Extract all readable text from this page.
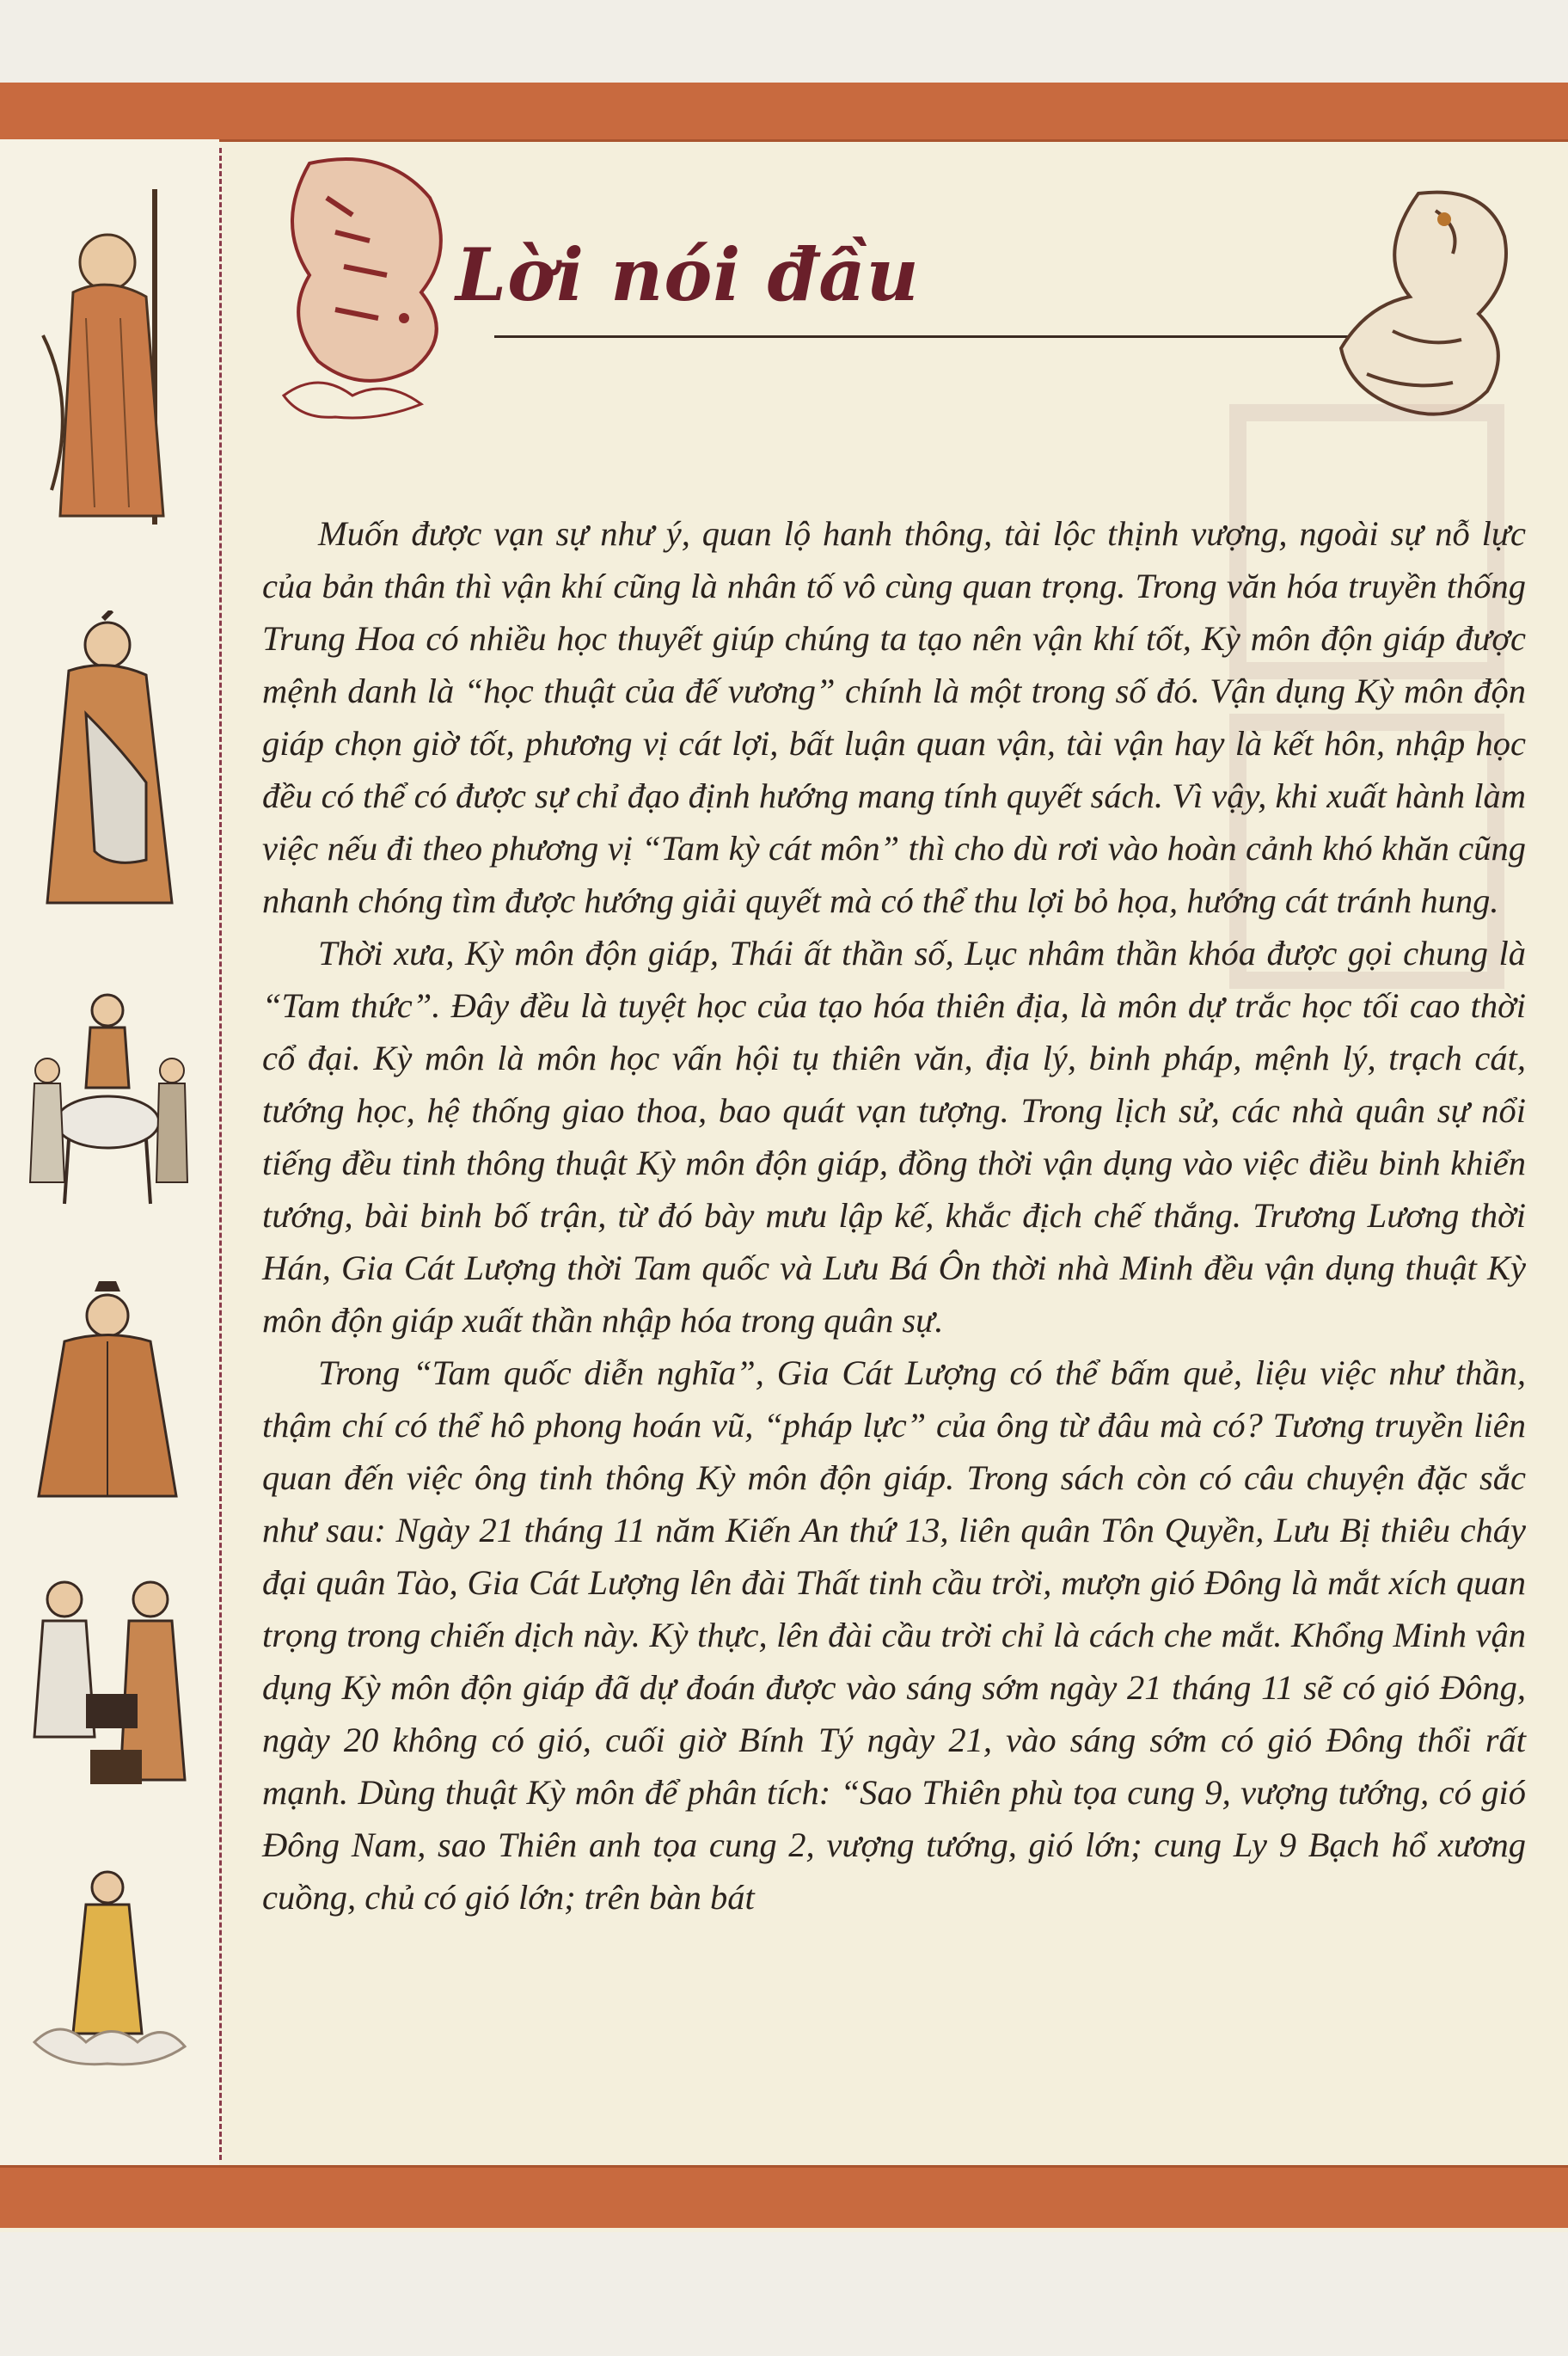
Lời nói đầu

Muốn được vạn sự như ý, quan lộ hanh thông, tài lộc thịnh vượng, ngoài sự nỗ lực của bản thân thì vận khí cũng là nhân tố vô cùng quan trọng. Trong văn hóa truyền thống Trung Hoa có nhiều học thuyết giúp chúng ta tạo nên vận khí tốt, Kỳ môn độn giáp được mệnh danh là “học thuật của đế vương” chính là một trong số đó. Vận dụng Kỳ môn độn giáp chọn giờ tốt, phương vị cát lợi, bất luận quan vận, tài vận hay là kết hôn, nhập học đều có thể có được sự chỉ đạo định hướng mang tính quyết sách. Vì vậy, khi xuất hành làm việc nếu đi theo phương vị “Tam kỳ cát môn” thì cho dù rơi vào hoàn cảnh khó khăn cũng nhanh chóng tìm được hướng giải quyết mà có thể thu lợi bỏ họa, hướng cát tránh hung.

Thời xưa, Kỳ môn độn giáp, Thái ất thần số, Lục nhâm thần khóa được gọi chung là “Tam thức”. Đây đều là tuyệt học của tạo hóa thiên địa, là môn dự trắc học tối cao thời cổ đại. Kỳ môn là môn học vấn hội tụ thiên văn, địa lý, binh pháp, mệnh lý, trạch cát, tướng học, hệ thống giao thoa, bao quát vạn tượng. Trong lịch sử, các nhà quân sự nổi tiếng đều tinh thông thuật Kỳ môn độn giáp, đồng thời vận dụng vào việc điều binh khiển tướng, bài binh bố trận, từ đó bày mưu lập kế, khắc địch chế thắng. Trương Lương thời Hán, Gia Cát Lượng thời Tam quốc và Lưu Bá Ôn thời nhà Minh đều vận dụng thuật Kỳ môn độn giáp xuất thần nhập hóa trong quân sự.

Trong “Tam quốc diễn nghĩa”, Gia Cát Lượng có thể bấm quẻ, liệu việc như thần, thậm chí có thể hô phong hoán vũ, “pháp lực” của ông từ đâu mà có? Tương truyền liên quan đến việc ông tinh thông Kỳ môn độn giáp. Trong sách còn có câu chuyện đặc sắc như sau: Ngày 21 tháng 11 năm Kiến An thứ 13, liên quân Tôn Quyền, Lưu Bị thiêu cháy đại quân Tào, Gia Cát Lượng lên đài Thất tinh cầu trời, mượn gió Đông là mắt xích quan trọng trong chiến dịch này. Kỳ thực, lên đài cầu trời chỉ là cách che mắt. Khổng Minh vận dụng Kỳ môn độn giáp đã dự đoán được vào sáng sớm ngày 21 tháng 11 sẽ có gió Đông, ngày 20 không có gió, cuối giờ Bính Tý ngày 21, vào sáng sớm có gió Đông thổi rất mạnh. Dùng thuật Kỳ môn để phân tích: “Sao Thiên phù tọa cung 9, vượng tướng, có gió Đông Nam, sao Thiên anh tọa cung 2, vượng tướng, gió lớn; cung Ly 9 Bạch hổ xương cuồng, chủ có gió lớn; trên bàn bát
